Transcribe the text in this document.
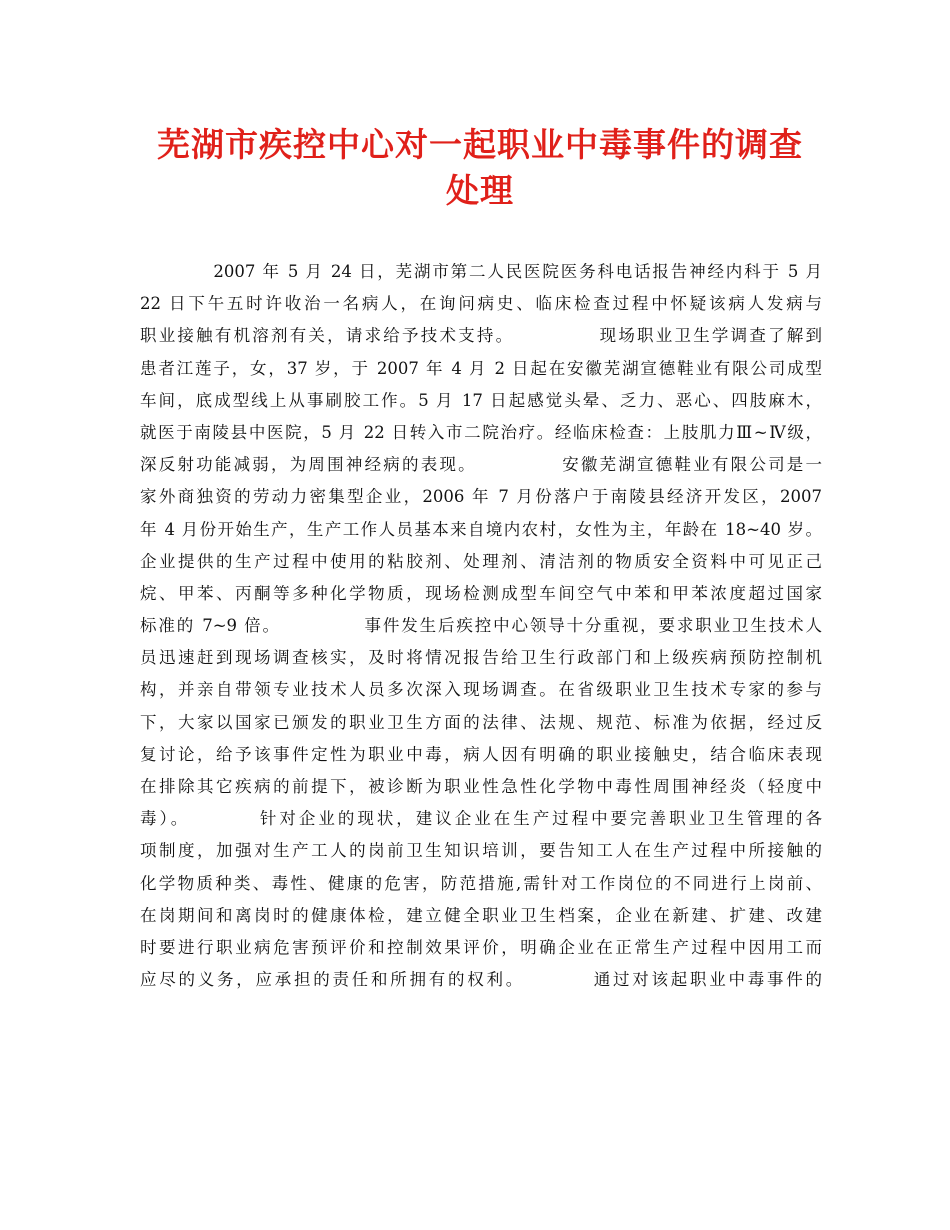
芜湖市疾控中心对一起职业中毒事件的调查
处理
　　　　2007 年 5 月 24 日，芜湖市第二人民医院医务科电话报告神经内科于 5 月
22 日下午五时许收治一名病人，在询问病史、临床检查过程中怀疑该病人发病与
职业接触有机溶剂有关，请求给予技术支持。　　　　　现场职业卫生学调查了解到
患者江莲子，女，37 岁，于 2007 年 4 月 2 日起在安徽芜湖宣德鞋业有限公司成型
车间，底成型线上从事刷胶工作。5 月 17 日起感觉头晕、乏力、恶心、四肢麻木，
就医于南陵县中医院，5 月 22 日转入市二院治疗。经临床检查：上肢肌力Ⅲ~Ⅳ级，
深反射功能减弱，为周围神经病的表现。　　　　　安徽芜湖宣德鞋业有限公司是一
家外商独资的劳动力密集型企业，2006 年 7 月份落户于南陵县经济开发区，2007
年 4 月份开始生产，生产工作人员基本来自境内农村，女性为主，年龄在 18~40 岁。
企业提供的生产过程中使用的粘胶剂、处理剂、清洁剂的物质安全资料中可见正己
烷、甲苯、丙酮等多种化学物质，现场检测成型车间空气中苯和甲苯浓度超过国家
标准的 7~9 倍。　　　　　事件发生后疾控中心领导十分重视，要求职业卫生技术人
员迅速赶到现场调查核实，及时将情况报告给卫生行政部门和上级疾病预防控制机
构，并亲自带领专业技术人员多次深入现场调查。在省级职业卫生技术专家的参与
下，大家以国家已颁发的职业卫生方面的法律、法规、规范、标准为依据，经过反
复讨论，给予该事件定性为职业中毒，病人因有明确的职业接触史，结合临床表现
在排除其它疾病的前提下，被诊断为职业性急性化学物中毒性周围神经炎（轻度中
毒）。　　　　针对企业的现状，建议企业在生产过程中要完善职业卫生管理的各
项制度，加强对生产工人的岗前卫生知识培训，要告知工人在生产过程中所接触的
化学物质种类、毒性、健康的危害，防范措施,需针对工作岗位的不同进行上岗前、
在岗期间和离岗时的健康体检，建立健全职业卫生档案，企业在新建、扩建、改建
时要进行职业病危害预评价和控制效果评价，明确企业在正常生产过程中因用工而
应尽的义务，应承担的责任和所拥有的权利。　　　　通过对该起职业中毒事件的
